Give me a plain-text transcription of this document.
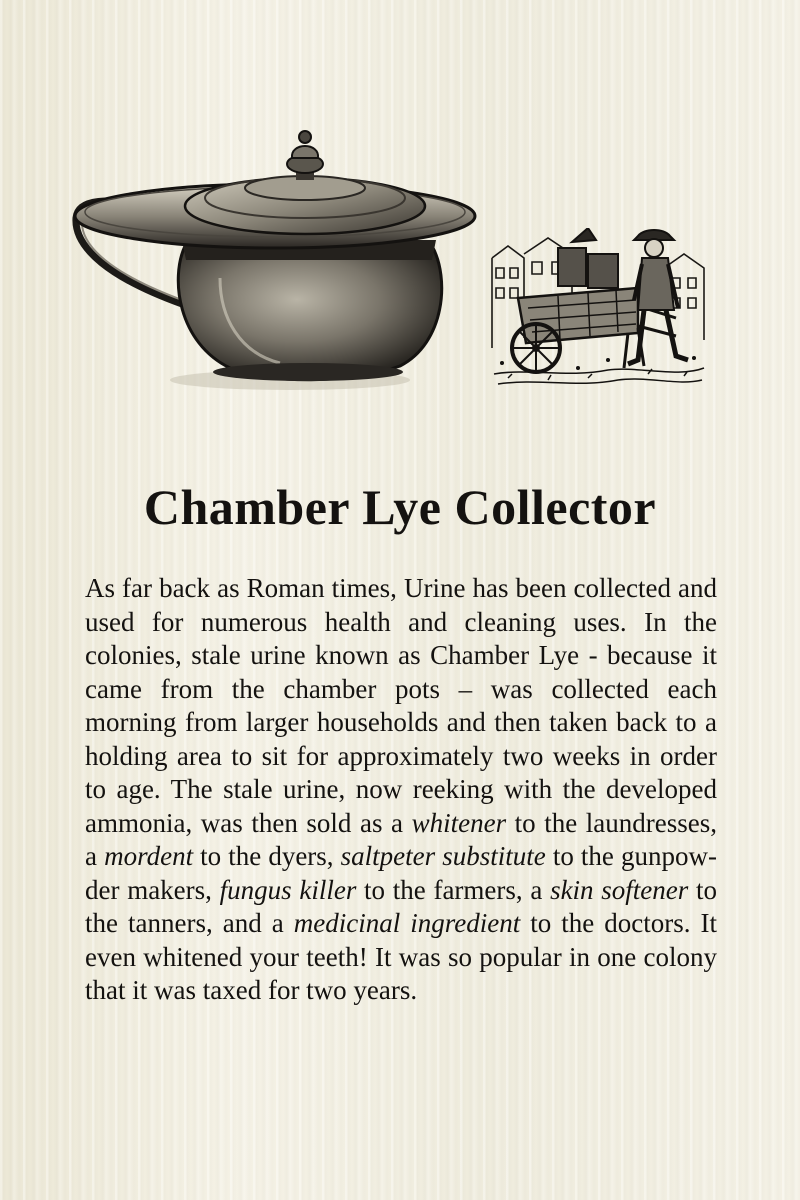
Chamber Lye Collector

As far back as Roman times, Urine has been collected and used for numerous health and cleaning uses. In the colonies, stale urine known as Chamber Lye - because it came from the chamber pots – was collected each morning from larger households and then taken back to a holding area to sit for approximately two weeks in order to age. The stale urine, now reeking with the developed ammonia, was then sold as a whitener to the laundresses, a mordent to the dyers, saltpeter substitute to the gunpowder makers, fungus killer to the farmers, a skin softener to the tanners, and a medicinal ingredient to the doctors. It even whitened your teeth! It was so popular in one colony that it was taxed for two years.
